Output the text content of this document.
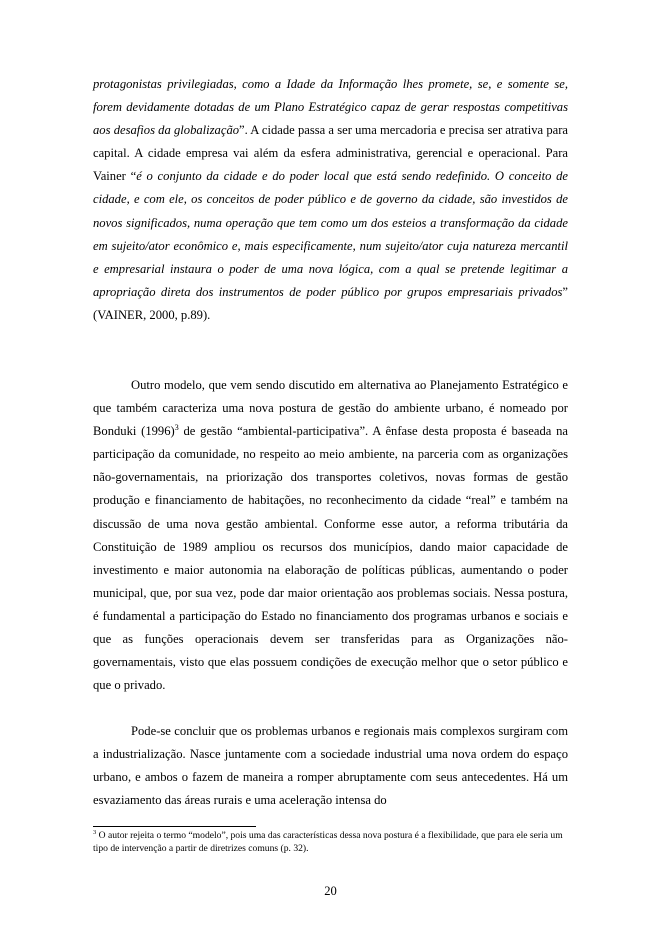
protagonistas privilegiadas, como a Idade da Informação lhes promete, se, e somente se, forem devidamente dotadas de um Plano Estratégico capaz de gerar respostas competitivas aos desafios da globalização”. A cidade passa a ser uma mercadoria e precisa ser atrativa para capital. A cidade empresa vai além da esfera administrativa, gerencial e operacional. Para Vainer “é o conjunto da cidade e do poder local que está sendo redefinido. O conceito de cidade, e com ele, os conceitos de poder público e de governo da cidade, são investidos de novos significados, numa operação que tem como um dos esteios a transformação da cidade em sujeito/ator econômico e, mais especificamente, num sujeito/ator cuja natureza mercantil e empresarial instaura o poder de uma nova lógica, com a qual se pretende legitimar a apropriação direta dos instrumentos de poder público por grupos empresariais privados” (VAINER, 2000, p.89).

Outro modelo, que vem sendo discutido em alternativa ao Planejamento Estratégico e que também caracteriza uma nova postura de gestão do ambiente urbano, é nomeado por Bonduki $(1996)^3$ de gestão “ambiental-participativa”. A ênfase desta proposta é baseada na participação da comunidade, no respeito ao meio ambiente, na parceria com as organizações não-governamentais, na priorização dos transportes coletivos, novas formas de gestão produção e financiamento de habitações, no reconhecimento da cidade “real” e também na discussão de uma nova gestão ambiental. Conforme esse autor, a reforma tributária da Constituição de 1989 ampliou os recursos dos municípios, dando maior capacidade de investimento e maior autonomia na elaboração de políticas públicas, aumentando o poder municipal, que, por sua vez, pode dar maior orientação aos problemas sociais. Nessa postura, é fundamental a participação do Estado no financiamento dos programas urbanos e sociais e que as funções operacionais devem ser transferidas para as Organizações não-governamentais, visto que elas possuem condições de execução melhor que o setor público e que o privado.

Pode-se concluir que os problemas urbanos e regionais mais complexos surgiram com a industrialização. Nasce juntamente com a sociedade industrial uma nova ordem do espaço urbano, e ambos o fazem de maneira a romper abruptamente com seus antecedentes. Há um esvaziamento das áreas rurais e uma aceleração intensa do

$^3$ O autor rejeita o termo “modelo”, pois uma das características dessa nova postura é a flexibilidade, que para ele seria um tipo de intervenção a partir de diretrizes comuns (p. 32).

20
